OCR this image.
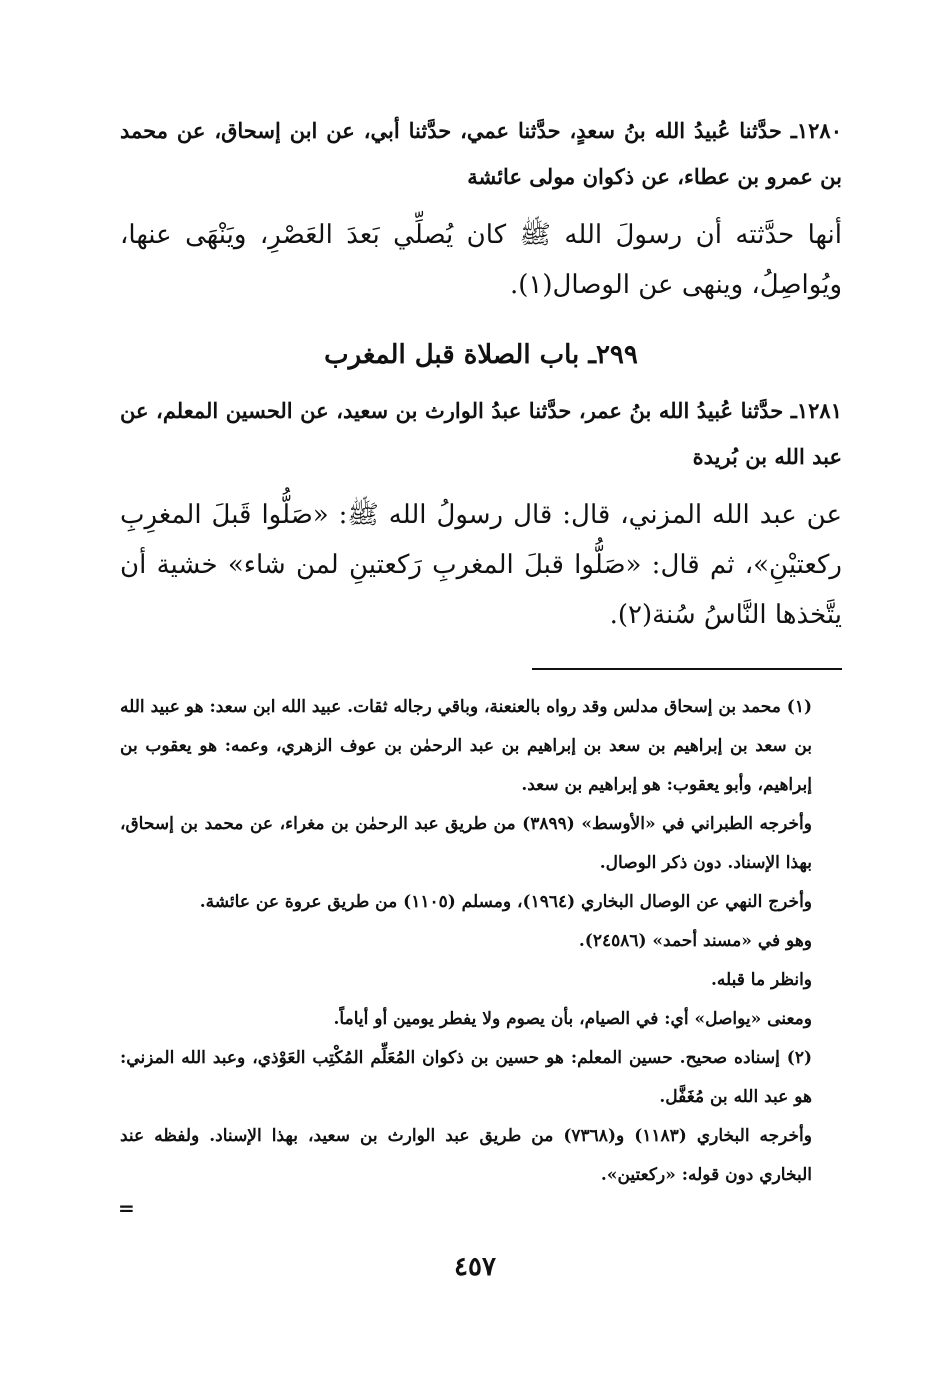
١٢٨٠ـ حدَّثنا عُبيدُ الله بنُ سعدٍ، حدَّثنا عمي، حدَّثنا أبي، عن ابن إسحاق، عن محمد بن عمرو بن عطاء، عن ذكوان مولى عائشة

أنها حدَّثته أن رسولَ الله ﷺ كان يُصلِّي بَعدَ العَصْرِ، ويَنْهَى عنها، ويُواصِلُ، وينهى عن الوصال(١).

٢٩٩ـ باب الصلاة قبل المغرب

١٢٨١ـ حدَّثنا عُبيدُ الله بنُ عمر، حدَّثنا عبدُ الوارث بن سعيد، عن الحسين المعلم، عن عبد الله بن بُريدة

عن عبد الله المزني، قال: قال رسولُ الله ﷺ: «صَلُّوا قَبلَ المغرِبِ ركعتيْنِ»، ثم قال: «صَلُّوا قبلَ المغربِ رَكعتينِ لمن شاء» خشية أن يتَّخذها النَّاسُ سُنة(٢).

(١) محمد بن إسحاق مدلس وقد رواه بالعنعنة، وباقي رجاله ثقات. عبيد الله ابن سعد: هو عبيد الله بن سعد بن إبراهيم بن سعد بن إبراهيم بن عبد الرحمٰن بن عوف الزهري، وعمه: هو يعقوب بن إبراهيم، وأبو يعقوب: هو إبراهيم بن سعد.

وأخرجه الطبراني في «الأوسط» (٣٨٩٩) من طريق عبد الرحمٰن بن مغراء، عن محمد بن إسحاق، بهذا الإسناد. دون ذكر الوصال.

وأخرج النهي عن الوصال البخاري (١٩٦٤)، ومسلم (١١٠٥) من طريق عروة عن عائشة.

وهو في «مسند أحمد» (٢٤٥٨٦).

وانظر ما قبله.

ومعنى «يواصل» أي: في الصيام، بأن يصوم ولا يفطر يومين أو أياماً.

(٢) إسناده صحيح. حسين المعلم: هو حسين بن ذكوان المُعَلِّم المُكْتِب العَوْذي، وعبد الله المزني: هو عبد الله بن مُغَفَّل.

وأخرجه البخاري (١١٨٣) و(٧٣٦٨) من طريق عبد الوارث بن سعيد، بهذا الإسناد. ولفظه عند البخاري دون قوله: «ركعتين».

=
٤٥٧
